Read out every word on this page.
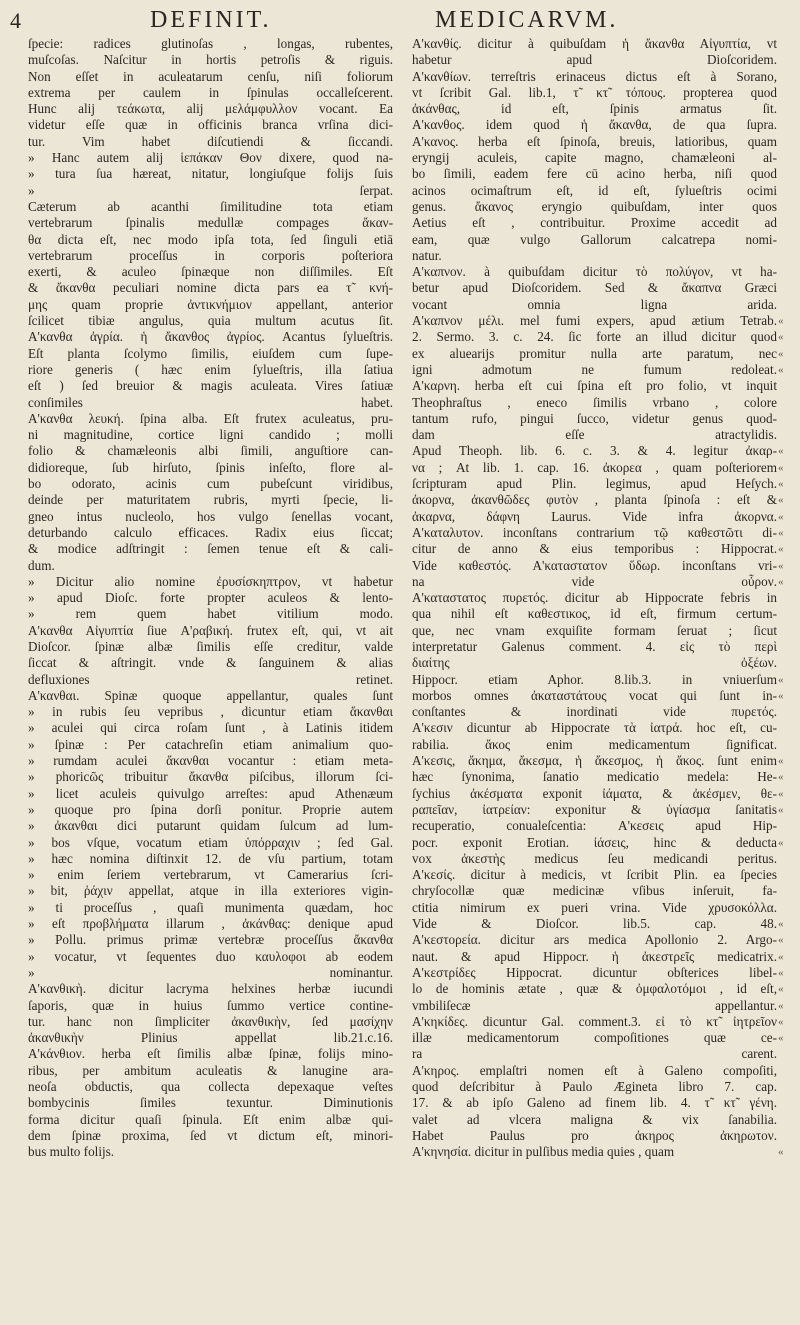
4	DEFINIT.	MEDICARVM.
ſpecie: radices glutinoſas , longas, rubentes,
muſcoſas. Naſcitur in hortis petroſis & riguis.
Non eſſet in aculeatarum cenſu, niſi foliorum
extrema per caulem in ſpinulas occalleſcerent.
Hunc alij τεάκωτα, alij μελάμφυλλον vocant. Ea
videtur eſſe quæ in officinis branca vrſina dici-
tur. Vim habet diſcutiendi & ſiccandi.
» Hanc autem alij ἱεπάκαν Θον dixere, quod na-
» tura ſua hæreat, nitatur, longiuſque folijs ſuis
» ſerpat.
Cæterum ab acanthi ſimilitudine tota etiam
vertebrarum ſpinalis medullæ compages ἄκαν-
θα dicta eſt, nec modo ipſa tota, ſed ſinguli etiā
vertebrarum proceſſus in corporis poſteriora
exerti, & aculeo ſpinæque non diſſimiles. Eſt
& ἄκανθα peculiari nomine dicta pars ea τ̃ κνή-
μης quam proprie ἀντικνήμιον appellant, anterior
ſcilicet tibiæ angulus, quia multum acutus ſit.
Α'κανθα ἀγρία. ἡ ἄκανθος ἀγρίος. Acantus ſylueſtris.
Eſt planta ſcolymo ſimilis, eiuſdem cum ſupe-
riore generis ( hæc enim ſylueſtris, illa ſatiua
eſt ) ſed breuior & magis aculeata. Vires ſatiuæ
conſimiles habet.
Α'κανθα λευκή. ſpina alba. Eſt frutex aculeatus, pru-
ni magnitudine, cortice ligni candido ; molli
folio & chamæleonis albi ſimili, anguſtiore can-
didioreque, ſub hirſuto, ſpinis inſeſto, flore al-
bo odorato, acinis cum pubeſcunt viridibus,
deinde per maturitatem rubris, myrti ſpecie, li-
gneo intus nucleolo, hos vulgo ſenellas vocant,
deturbando calculo efficaces. Radix eius ſiccat;
& modice adſtringit : ſemen tenue eſt & cali-
dum.
» Dicitur alio nomine ἐρυσίσκηπτρον, vt habetur
» apud Dioſc. forte propter aculeos & lento-
» rem quem habet vitilium modo.
Α'κανθα Αἰγυπτία ſiue Α'ραβική. frutex eſt, qui, vt ait
Dioſcor. ſpinæ albæ ſimilis eſſe creditur, valde
ſiccat & aſtringit. vnde & ſanguinem & alias
defluxiones retinet.
Α'κανθαι. Spinæ quoque appellantur, quales ſunt
» in rubis ſeu vepribus , dicuntur etiam ἄκανθαι
» aculei qui circa roſam ſunt , à Latinis itidem
» ſpinæ : Per catachreſin etiam animalium quo-
» rumdam aculei ἄκανθαι vocantur : etiam meta-
» phoricῶς tribuitur ἄκανθα piſcibus, illorum ſci-
» licet aculeis quivulgo arreſtes: apud Athenæum
» quoque pro ſpina dorſi ponitur. Proprie autem
» ἀκανθαι dici putarunt quidam ſulcum ad lum-
» bos vſque, vocatum etiam ὑπόρραχιν ; ſed Gal.
» hæc nomina diſtinxit 12. de vſu partium, totam
» enim ſeriem vertebrarum, vt Camerarius ſcri-
» bit, ῥάχιν appellat, atque in illa exteriores vigin-
» ti proceſſus , quaſi munimenta quædam, hoc
» eſt προβλήματα illarum , ἀκάνθας: denique apud
» Pollu. primus primæ vertebræ proceſſus ἄκανθα
» vocatur, vt ſequentes duo καυλοφοι ab eodem
» nominantur.
Α'κανθικὴ. dicitur lacryma helxines herbæ iucundi
ſaporis, quæ in huius ſummo vertice contine-
tur. hanc non ſimpliciter ἀκανθικὴν, ſed μασίχην
ἀκανθικὴν Plinius appellat lib.21.c.16.
Α'κάνθιον. herba eſt ſimilis albæ ſpinæ, folijs mino-
ribus, per ambitum aculeatis & lanugine ara-
neoſa obductis, qua collecta depexaque veſtes
bombycinis ſimiles texuntur. Diminutionis
forma dicitur quaſi ſpinula. Eſt enim albæ qui-
dem ſpinæ proxima, ſed vt dictum eſt, minori-
bus multo folijs.
Α'κανθίς. dicitur à quibuſdam ἡ ἄκανθα Αἰγυπτία, vt
habetur apud Dioſcoridem.
Α'κανθίων. terreſtris erinaceus dictus eſt à Sorano,
vt ſcribit Gal. lib.1, τ̃ κτ̃ τόπους. propterea quod
ἀκάνθας, id eſt, ſpinis armatus ſit.
Α'κανθος. idem quod ἡ ἄκανθα, de qua ſupra.
Α'κανος. herba eſt ſpinoſa, breuis, latioribus, quam
eryngij aculeis, capite magno, chamæleoni al-
bo ſimili, eadem fere cū acino herba, niſi quod
acinos ocimaſtrum eſt, id eſt, ſylueſtris ocimi
genus. ἄκανος eryngio quibuſdam, inter quos
Aetius eſt , contribuitur. Proxime accedit ad
eam, quæ vulgo Gallorum calcatrepa nomi-
natur.
Α'καπνον. à quibuſdam dicitur τὸ πολύγον, vt ha-
betur apud Dioſcoridem. Sed & ἄκαπνα Græci
vocant omnia ligna arida.
Α'καπνον μέλι. mel fumi expers, apud ætium Tetrab.
2. Sermo. 3. c. 24. ſic forte an illud dicitur quod
ex aluearijs promitur nulla arte paratum, nec
igni admotum ne fumum redoleat.
Α'καρνη. herba eſt cui ſpina eſt pro folio, vt inquit
Theophraſtus , eneco ſimilis vrbano , colore
tantum rufo, pingui ſucco, videtur genus quod-
dam eſſe atractylidis.
Apud Theoph. lib. 6. c. 3. & 4. legitur ἀκαρ-
να ; At lib. 1. cap. 16. ἀκορεα , quam poſteriorem
ſcripturam apud Plin. legimus, apud Heſych.
ἀκορνα, ἀκανθῶδες φυτὸν , planta ſpinoſa : eſt &
ἀκαρνα, δάφνη Laurus. Vide infra ἀκορνα.
Α'καταλυτον. inconſtans contrarium τῷ καθεστῶτι di-
citur de anno & eius temporibus : Hippocrat.
Vide καθεστός. Α'καταστατον ὕδωρ. inconſtans vri-
na vide οὖρον.
Α'καταστατος πυρετός. dicitur ab Hippocrate febris in
qua nihil eſt καθεστικος, id eſt, firmum certum-
que, nec vnam exquiſite formam ſeruat ; ſicut
interpretatur Galenus comment. 4. εἰς τὸ περὶ
διαίτης ὀξέων.
Hippocr. etiam Aphor. 8.lib.3. in vniuerſum
morbos omnes ἀκαταστάτους vocat qui ſunt in-
conſtantes & inordinati vide πυρετός.
Α'κεσιν dicuntur ab Hippocrate τὰ ἰατρά. hoc eſt, cu-
rabilia. ἄκος enim medicamentum ſignificat.
Α'κεσις, ἄκημα, ἄκεσμα, ἡ ἄκεσμος, ἡ ἄκος. ſunt enim
hæc ſynonima, ſanatio medicatio medela: He-
ſychius ἀκέσματα exponit ἰάματα, & ἀκέσμεν, θε-
ραπεῖαν, ἰατρείαν: exponitur & ὑγίασμα ſanitatis
recuperatio, conualeſcentia: Α'κεσεις apud Hip-
pocr. exponit Erotian. ἰάσεις, hinc & deducta
vox ἀκεστὴς medicus ſeu medicandi peritus.
Α'κεσίς. dicitur à medicis, vt ſcribit Plin. ea ſpecies
chryſocollæ quæ medicinæ vſibus inſeruit, fa-
ctitia nimirum ex pueri vrina. Vide χρυσοκόλλα.
Vide & Dioſcor. lib.5. cap. 48.
Α'κεστορεία. dicitur ars medica Apollonio 2. Argo-
naut. & apud Hippocr. ἡ ἀκεστρεῖς medicatrix.
Α'κεστρίδες Hippocrat. dicuntur obſterices libel-
lo de hominis ætate , quæ & ὀμφαλοτόμοι , id eſt,
vmbiliſecæ appellantur.
Α'κηκίδες. dicuntur Gal. comment.3. εἰ τὸ κτ̃ ἰητρεῖον
illæ medicamentorum compoſitiones quæ ce-
ra carent.
Α'κηρος. emplaſtri nomen eſt à Galeno compoſiti,
quod deſcribitur à Paulo Ægineta libro 7. cap.
17. & ab ipſo Galeno ad finem lib. 4. τ̃ κτ̃ γένη.
valet ad vlcera maligna & vix ſanabilia.
Habet Paulus pro ἀκηρος ἀκηρωτον.
Α'κηνησία. dicitur in pulſibus media quies , quam
«
«
«
«
«
«
«
«
«
«
«
«
«
«
«
«
«
«
«
«
«
«
«
«
«
«
«
«
«
